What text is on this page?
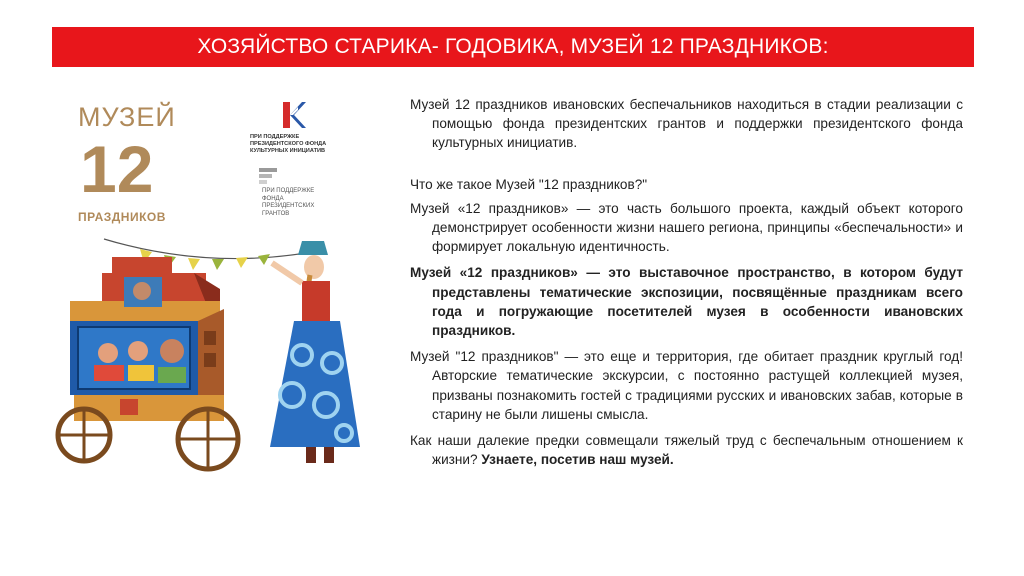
ХОЗЯЙСТВО СТАРИКА- ГОДОВИКА, МУЗЕЙ 12 ПРАЗДНИКОВ:
МУЗЕЙ
12
ПРАЗДНИКОВ
ПРИ ПОДДЕРЖКЕ
ПРЕЗИДЕНТСКОГО ФОНДА
КУЛЬТУРНЫХ ИНИЦИАТИВ
ПРИ ПОДДЕРЖКЕ
ФОНДА
ПРЕЗИДЕНТСКИХ
ГРАНТОВ

Музей 12 праздников ивановских беспечальников находиться в стадии реализации с помощью фонда президентских грантов и поддержки президентского фонда культурных инициатив.

Что же такое Музей "12 праздников?"

Музей «12 праздников» — это часть большого проекта, каждый объект которого демонстрирует особенности жизни нашего региона, принципы «беспечальности» и формирует локальную идентичность.

Музей «12 праздников» — это выставочное пространство, в котором будут представлены тематические экспозиции, посвящённые праздникам всего года и погружающие посетителей музея в особенности ивановских праздников.

Музей "12 праздников" — это еще и территория, где обитает праздник круглый год! Авторские тематические экскурсии, с постоянно растущей коллекцией музея, призваны познакомить гостей с традициями русских и ивановских забав, которые в старину не были лишены смысла.

Как наши далекие предки совмещали тяжелый труд с беспечальным отношением к жизни? Узнаете, посетив наш музей.
